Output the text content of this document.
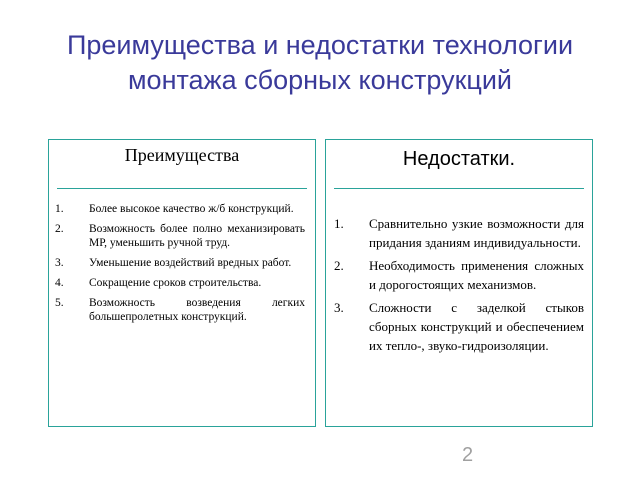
Преимущества и недостатки технологии монтажа сборных конструкций
Преимущества
1. Более высокое качество ж/б конструкций.
2. Возможность более полно механизировать МР, уменьшить ручной труд.
3. Уменьшение воздействий вредных работ.
4. Сокращение сроков строительства.
5. Возможность возведения легких большепролетных конструкций.
Недостатки.
1. Сравнительно узкие возможности для придания зданиям индивидуальности.
2. Необходимость применения сложных и дорогостоящих механизмов.
3. Сложности с заделкой стыков сборных конструкций и обеспечением их тепло-, звуко-гидроизоляции.
2
